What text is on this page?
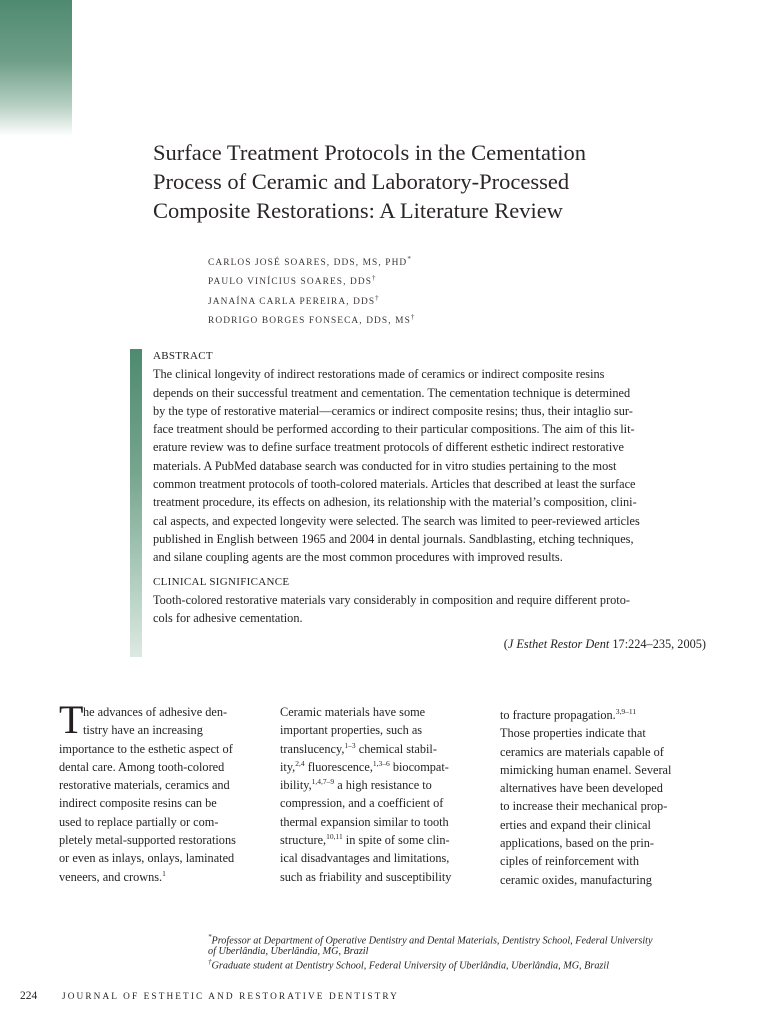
Surface Treatment Protocols in the Cementation
Process of Ceramic and Laboratory-Processed
Composite Restorations: A Literature Review
CARLOS JOSÉ SOARES, DDS, MS, PHD*
PAULO VINÍCIUS SOARES, DDS†
JANAÍNA CARLA PEREIRA, DDS†
RODRIGO BORGES FONSECA, DDS, MS†
ABSTRACT
The clinical longevity of indirect restorations made of ceramics or indirect composite resins
depends on their successful treatment and cementation. The cementation technique is determined
by the type of restorative material—ceramics or indirect composite resins; thus, their intaglio sur-
face treatment should be performed according to their particular compositions. The aim of this lit-
erature review was to define surface treatment protocols of different esthetic indirect restorative
materials. A PubMed database search was conducted for in vitro studies pertaining to the most
common treatment protocols of tooth-colored materials. Articles that described at least the surface
treatment procedure, its effects on adhesion, its relationship with the material’s composition, clini-
cal aspects, and expected longevity were selected. The search was limited to peer-reviewed articles
published in English between 1965 and 2004 in dental journals. Sandblasting, etching techniques,
and silane coupling agents are the most common procedures with improved results.
CLINICAL SIGNIFICANCE
Tooth-colored restorative materials vary considerably in composition and require different proto-
cols for adhesive cementation.
(J Esthet Restor Dent 17:224–235, 2005)
T he advances of adhesive den-
tistry have an increasing
importance to the esthetic aspect of
dental care. Among tooth-colored
restorative materials, ceramics and
indirect composite resins can be
used to replace partially or com-
pletely metal-supported restorations
or even as inlays, onlays, laminated
veneers, and crowns.$^1$
Ceramic materials have some
important properties, such as
translucency,$^{1-3}$ chemical stabil-
ity,$^{2,4}$ fluorescence,$^{1,3-6}$ biocompat-
ibility,$^{1,4,7-9}$ a high resistance to
compression, and a coefficient of
thermal expansion similar to tooth
structure,$^{10,11}$ in spite of some clin-
ical disadvantages and limitations,
such as friability and susceptibility
to fracture propagation.$^{3,9-11}$
Those properties indicate that
ceramics are materials capable of
mimicking human enamel. Several
alternatives have been developed
to increase their mechanical prop-
erties and expand their clinical
applications, based on the prin-
ciples of reinforcement with
ceramic oxides, manufacturing
*Professor at Department of Operative Dentistry and Dental Materials, Dentistry School, Federal University
of Uberlândia, Uberlândia, MG, Brazil
†Graduate student at Dentistry School, Federal University of Uberlândia, Uberlândia, MG, Brazil
224	JOURNAL OF ESTHETIC AND RESTORATIVE DENTISTRY
